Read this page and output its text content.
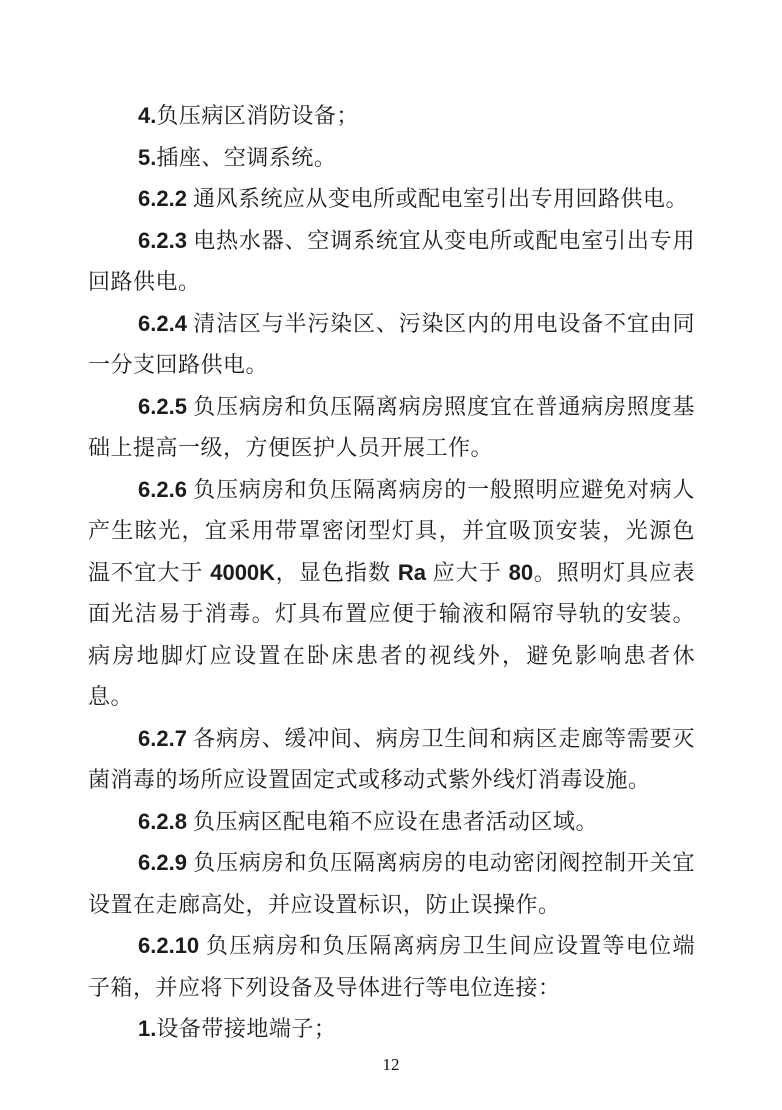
4.负压病区消防设备；

5.插座、空调系统。

6.2.2 通风系统应从变电所或配电室引出专用回路供电。

6.2.3 电热水器、空调系统宜从变电所或配电室引出专用回路供电。

6.2.4 清洁区与半污染区、污染区内的用电设备不宜由同一分支回路供电。

6.2.5 负压病房和负压隔离病房照度宜在普通病房照度基础上提高一级，方便医护人员开展工作。

6.2.6 负压病房和负压隔离病房的一般照明应避免对病人产生眩光，宜采用带罩密闭型灯具，并宜吸顶安装，光源色温不宜大于 4000K，显色指数 Ra 应大于 80。照明灯具应表面光洁易于消毒。灯具布置应便于输液和隔帘导轨的安装。病房地脚灯应设置在卧床患者的视线外，避免影响患者休息。

6.2.7 各病房、缓冲间、病房卫生间和病区走廊等需要灭菌消毒的场所应设置固定式或移动式紫外线灯消毒设施。

6.2.8 负压病区配电箱不应设在患者活动区域。

6.2.9 负压病房和负压隔离病房的电动密闭阀控制开关宜设置在走廊高处，并应设置标识，防止误操作。

6.2.10 负压病房和负压隔离病房卫生间应设置等电位端子箱，并应将下列设备及导体进行等电位连接：

1.设备带接地端子；

12
